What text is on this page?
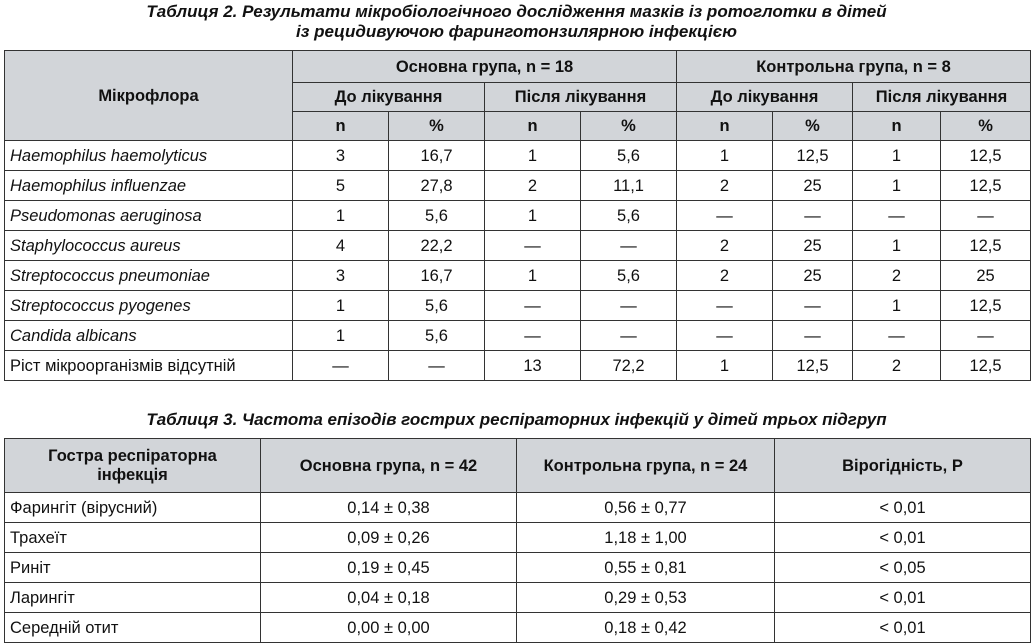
Таблиця 2. Результати мікробіологічного дослідження мазків із ротоглотки в дітей
із рецидивуючою фаринготонзилярною інфекцією
Мікрофлора	Основна група, n = 18				Контрольна група, n = 8			
	До лікування		Після лікування		До лікування		Після лікування	
	n	%	n	%	n	%	n	%
Haemophilus haemolyticus	3	16,7	1	5,6	1	12,5	1	12,5
Haemophilus influenzae	5	27,8	2	11,1	2	25	1	12,5
Pseudomonas aeruginosa	1	5,6	1	5,6	—	—	—	—
Staphylococcus aureus	4	22,2	—	—	2	25	1	12,5
Streptococcus pneumoniae	3	16,7	1	5,6	2	25	2	25
Streptococcus pyogenes	1	5,6	—	—	—	—	1	12,5
Candida albicans	1	5,6	—	—	—	—	—	—
Ріст мікроорганізмів відсутній	—	—	13	72,2	1	12,5	2	12,5
Таблиця 3. Частота епізодів гострих респіраторних інфекцій у дітей трьох підгруп
Гостра респіраторна
інфекція	Основна група, n = 42	Контрольна група, n = 24	Вірогідність, Р
Фарингіт (вірусний)	0,14 ± 0,38	0,56 ± 0,77	< 0,01
Трахеїт	0,09 ± 0,26	1,18 ± 1,00	< 0,01
Риніт	0,19 ± 0,45	0,55 ± 0,81	< 0,05
Ларингіт	0,04 ± 0,18	0,29 ± 0,53	< 0,01
Середній отит	0,00 ± 0,00	0,18 ± 0,42	< 0,01
